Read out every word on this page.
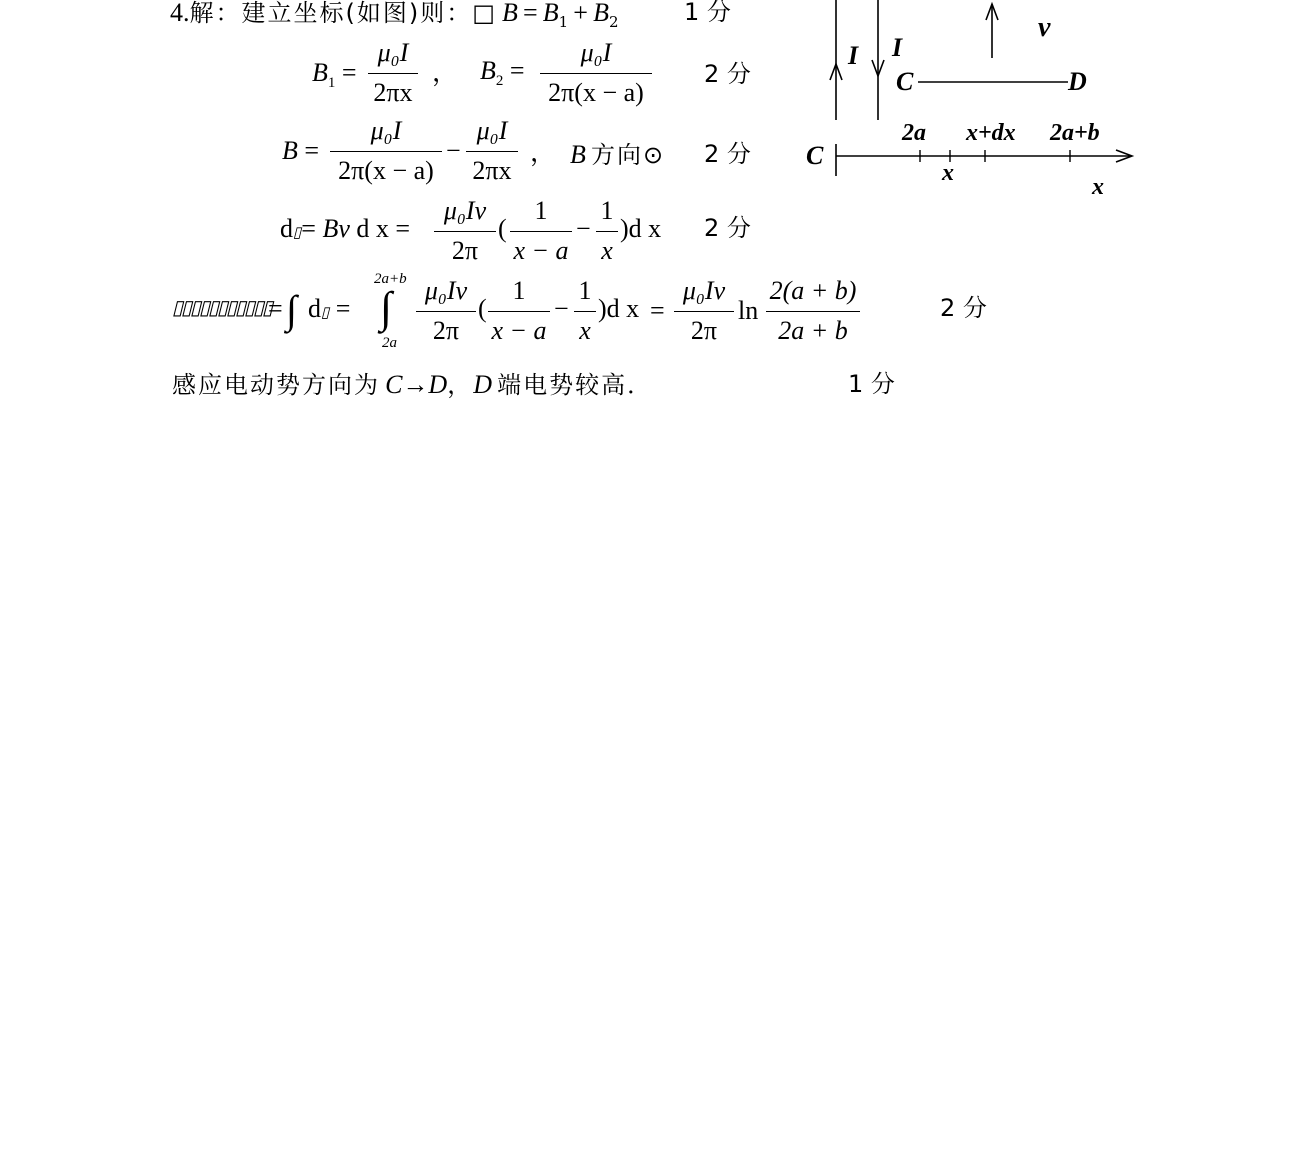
4.解：建立坐标(如图)则：□ B = B1 + B2	1 分
$B_1$ =
μ₀I
2πx
， $B_2$ =
μ₀I
2π(x − a)
2 分
B =
μ₀I
2π(x − a)
−
μ₀I
2πx
， B 方向⊙ 2 分
d▯= Bv d x =
μ₀Iv
2π
(
1
x − a
−
1
x
)d x 2 分
▯▯▯▯▯▯▯▯▯▯▯
= ∫ d▯ =
2a+b
∫
2a
μ₀Iv
2π
(
1
x − a
−
1
x
)d x =
μ₀Iv
2π
ln
2(a + b)
2a + b
2 分
感应电动势方向为 C→D，D 端电势较高．	1 分
I I
v
C	D
2a x+dx 2a+b
C
x
x
